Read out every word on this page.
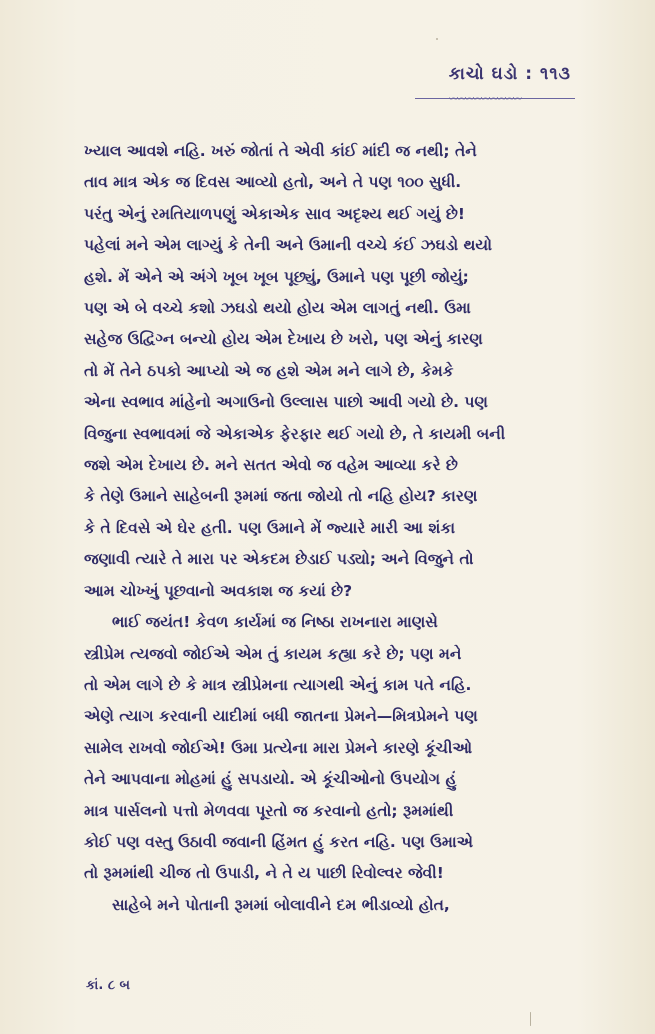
કાચો ઘડો : ૧૧૩
〰〰〰〰〰〰〰〰〰
ખ્યાલ આવશે નહિ. ખરું જોતાં તે એવી કાંઈ માંદી જ નથી; તેને
તાવ માત્ર એક જ દિવસ આવ્યો હતો, અને તે પણ ૧૦૦ સુધી.
પરંતુ એનું રમતિયાળપણું એકાએક સાવ અદૃશ્ય થઈ ગયું છે!
પહેલાં મને એમ લાગ્યું કે તેની અને ઉમાની વચ્ચે કંઈ ઝઘડો થયો
હશે. મેં એને એ અંગે ખૂબ ખૂબ પૂછ્યું, ઉમાને પણ પૂછી જોયું;
પણ એ બે વચ્ચે કશો ઝઘડો થયો હોય એમ લાગતું નથી. ઉમા
સહેજ ઉદ્વિગ્ન બન્યો હોય એમ દેખાય છે ખરો, પણ એનું કારણ
તો મેં તેને ઠપકો આપ્યો એ જ હશે એમ મને લાગે છે, કેમકે
એના સ્વભાવ માંહેનો અગાઉનો ઉલ્લાસ પાછો આવી ગયો છે. પણ
વિજુના સ્વભાવમાં જે એકાએક ફેરફાર થઈ ગયો છે, તે કાયમી બની
જશે એમ દેખાય છે. મને સતત એવો જ વહેમ આવ્યા કરે છે
કે તેણે ઉમાને સાહેબની રૂમમાં જતા જોયો તો નહિ હોય? કારણ
કે તે દિવસે એ ઘેર હતી. પણ ઉમાને મેં જ્યારે મારી આ શંકા
જણાવી ત્યારે તે મારા પર એકદમ છેડાઈ પડ્યો; અને વિજુને તો
આમ ચોખ્ખું પૂછવાનો અવકાશ જ કયાં છે?
ભાઈ જયંત! કેવળ કાર્યમાં જ નિષ્ઠા રાખનારા માણસે
સ્ત્રીપ્રેમ ત્યજવો જોઈએ એમ તું કાયમ કહ્યા કરે છે; પણ મને
તો એમ લાગે છે કે માત્ર સ્ત્રીપ્રેમના ત્યાગથી એનું કામ પતે નહિ.
એણે ત્યાગ કરવાની યાદીમાં બધી જાતના પ્રેમને—મિત્રપ્રેમને પણ
સામેલ રાખવો જોઈએ! ઉમા પ્રત્યેના મારા પ્રેમને કારણે કૂંચીઓ
તેને આપવાના મોહમાં હું સપડાયો. એ કૂંચીઓનો ઉપયોગ હું
માત્ર પાર્સલનો પત્તો મેળવવા પૂરતો જ કરવાનો હતો; રૂમમાંથી
કોઈ પણ વસ્તુ ઉઠાવી જવાની હિંમત હું કરત નહિ. પણ ઉમાએ
તો રૂમમાંથી ચીજ તો ઉપાડી, ને તે ય પાછી રિવોલ્વર જેવી!
સાહેબે મને પોતાની રૂમમાં બોલાવીને દમ ભીડાવ્યો હોત,
કાં. ૮ બ
